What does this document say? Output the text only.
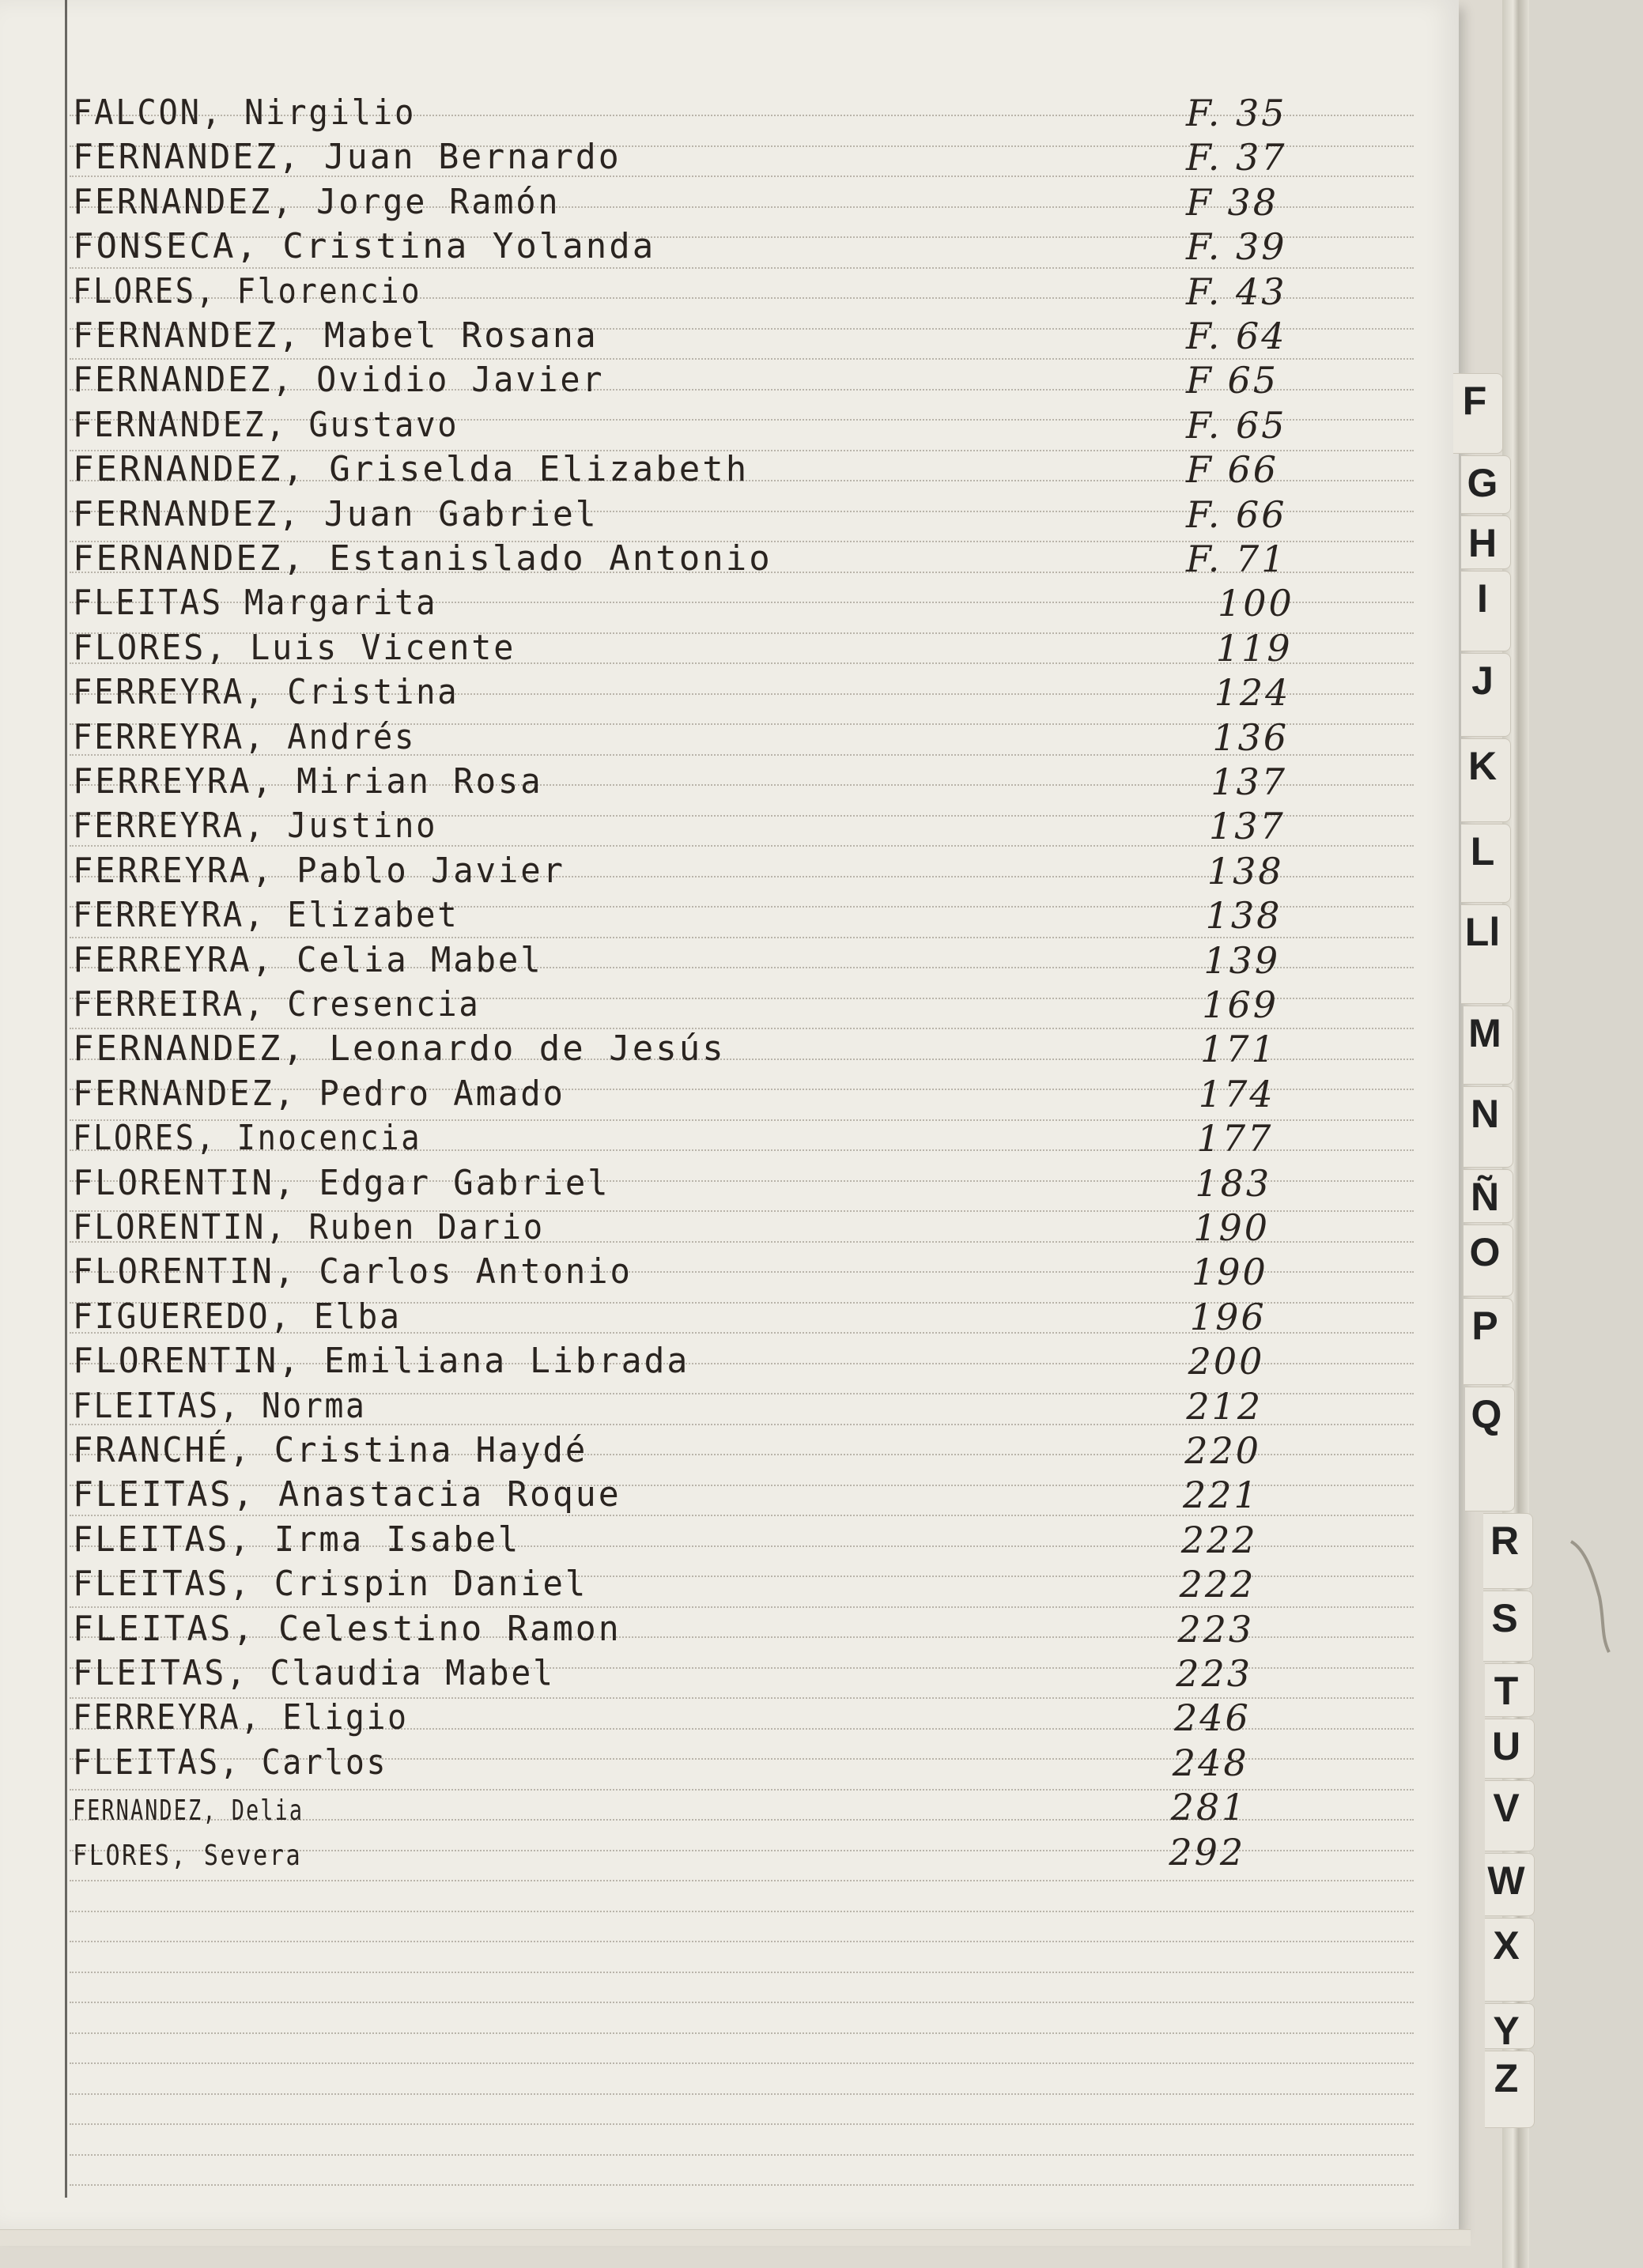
FALCON, Nirgilio	F. 35
FERNANDEZ, Juan Bernardo	F. 37
FERNANDEZ, Jorge Ramón	F 38
FONSECA, Cristina Yolanda	F. 39
FLORES, Florencio	F. 43
FERNANDEZ, Mabel Rosana	F. 64
FERNANDEZ, Ovidio Javier	F 65
FERNANDEZ, Gustavo	F. 65
FERNANDEZ, Griselda Elizabeth	F 66
FERNANDEZ, Juan Gabriel	F. 66
FERNANDEZ, Estanislado Antonio	F. 71
FLEITAS Margarita	100
FLORES, Luis Vicente	119
FERREYRA, Cristina	124
FERREYRA, Andrés	136
FERREYRA, Mirian Rosa	137
FERREYRA, Justino	137
FERREYRA, Pablo Javier	138
FERREYRA, Elizabet	138
FERREYRA, Celia Mabel	139
FERREIRA, Cresencia	169
FERNANDEZ, Leonardo de Jesús	171
FERNANDEZ, Pedro Amado	174
FLORES, Inocencia	177
FLORENTIN, Edgar Gabriel	183
FLORENTIN, Ruben Dario	190
FLORENTIN, Carlos Antonio	190
FIGUEREDO, Elba	196
FLORENTIN, Emiliana Librada	200
FLEITAS, Norma	212
FRANCHÉ, Cristina Haydé	220
FLEITAS, Anastacia Roque	221
FLEITAS, Irma Isabel	222
FLEITAS, Crispin Daniel	222
FLEITAS, Celestino Ramon	223
FLEITAS, Claudia Mabel	223
FERREYRA, Eligio	246
FLEITAS, Carlos	248
FERNANDEZ, Delia	281
FLORES, Severa	292
F
G
H
I
J
K
L
Ll
M
N
Ñ
O
P
Q
R
S
T
U
V
W
X
Y
Z
